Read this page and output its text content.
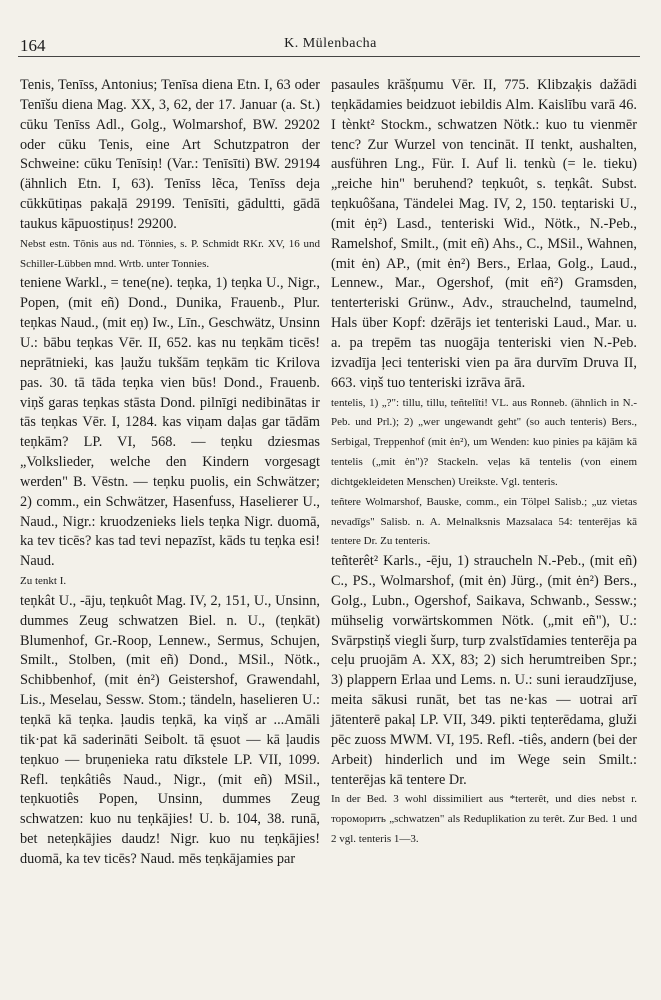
164	K. Mülenbacha

Tenis, Tenīss, Antonius; Tenīsa diena Etn. I, 63 oder Tenīšu diena Mag. XX, 3, 62, der 17. Januar (a. St.) cūku Tenīss Adl., Golg., Wolmarshof, BW. 29202 oder cūku Tenis, eine Art Schutzpatron der Schweine: cūku Tenīsiņ! (Var.: Tenīsīti) BW. 29194 (ähnlich Etn. I, 63). Tenīss lẽca, Tenīss deja cūkkūtiņas pakaļā 29199. Tenīsīti, gādultti, gādā taukus kāpuostiņus! 29200.

Nebst estn. Tõnis aus nd. Tönnies, s. P. Schmidt RKr. XV, 16 und Schiller-Lübben mnd. Wrtb. unter Tonnies.

teniene Warkl., = tene(ne). teņka, 1) teņka U., Nigr., Popen, (mit eñ) Dond., Dunika, Frauenb., Plur. teņkas Naud., (mit eņ) Iw., Līn., Geschwätz, Unsinn U.: bābu teņkas Vēr. II, 652. kas nu teņkām ticēs! neprātnieki, kas ļaužu tukšām teņkām tic Krilova pas. 30. tā tāda teņka vien būs! Dond., Frauenb. viņš garas teņkas stāsta Dond. pilnīgi nedibinātas ir tās teņkas Vēr. I, 1284. kas viņam daļas gar tādām teņkām? LP. VI, 568. — teņku dziesmas „Volkslieder, welche den Kindern vorgesagt werden" B. Vēstn. — teņku puolis, ein Schwätzer; 2) comm., ein Schwätzer, Hasenfuss, Haselierer U., Naud., Nigr.: kruodzenieks liels teņka Nigr. duomā, ka tev ticēs? kas tad tevi nepazīst, kāds tu teņka esi! Naud.

Zu tenkt I.

teņkât U., -āju, teņkuôt Mag. IV, 2, 151, U., Unsinn, dummes Zeug schwatzen Biel. n. U., (teņkāt) Blumenhof, Gr.-Roop, Lennew., Sermus, Schujen, Smilt., Stolben, (mit eñ) Dond., MSil., Nötk., Schibbenhof, (mit ėn²) Geistershof, Grawendahl, Lis., Meselau, Sessw. Stom.; tändeln, haselieren U.: teņkā kā teņka. ļaudis teņkā, ka viņš ar ...Amāli tik·pat kā saderināti Seibolt. tā ęsuot — kā ļaudis teņkuo — bruņenieka ratu dīkstele LP. VII, 1099. Refl. teņkâtiês Naud., Nigr., (mit eñ) MSil., teņkuotiês Popen, Unsinn, dummes Zeug schwatzen: kuo nu teņkājies! U. b. 104, 38. runā, bet neteņkājies daudz! Nigr. kuo nu teņkājies! duomā, ka tev ticēs? Naud. mēs teņkājamies par

pasaules krāšņumu Vēr. II, 775. Klibzaķis dažādi teņkādamies beidzuot iebildis Alm. Kaislību varā 46. I tènkt² Stockm., schwatzen Nötk.: kuo tu vienmēr tenc? Zur Wurzel von tencināt. II tenkt, aushalten, ausführen Lng., Für. I. Auf li. tenkù (= le. tieku) „reiche hin" beruhend? teņkuôt, s. teņkât. Subst. teņkuôšana, Tändelei Mag. IV, 2, 150. teņtariski U., (mit ėņ²) Lasd., tenteriski Wid., Nötk., N.-Peb., Ramelshof, Smilt., (mit eñ) Ahs., C., MSil., Wahnen, (mit ėn) AP., (mit ėn²) Bers., Erlaa, Golg., Laud., Lennew., Mar., Ogershof, (mit eñ²) Gramsden, tenterteriski Grünw., Adv., strauchelnd, taumelnd, Hals über Kopf: dzērājs iet tenteriski Laud., Mar. u. a. pa trepēm tas nuogāja tenteriski vien N.-Peb. izvadīja ļeci tenteriski vien pa āra durvīm Druva II, 663. viņš tuo tenteriski izrāva ārā.

tentelis, 1) „?": tillu, tillu, teñtelīti! VL. aus Ronneb. (ähnlich in N.-Peb. und Prl.); 2) „wer ungewandt geht" (so auch tenteris) Bers., Serbigal, Treppenhof (mit ėn²), um Wenden: kuo pinies pa kājām kā tentelis („mit ėn")? Stackeln. veļas kā tentelis (von einem dichtgekleideten Menschen) Ureikste. Vgl. tenteris.

teñtere Wolmarshof, Bauske, comm., ein Tölpel Salisb.; „uz vietas nevadīgs" Salisb. n. A. Melnalksnis Mazsalaca 54: tenterējas kā tentere Dr. Zu tenteris.

teñterêt² Karls., -ēju, 1) straucheln N.-Peb., (mit eñ) C., PS., Wolmarshof, (mit ėn) Jürg., (mit ėn²) Bers., Golg., Lubn., Ogershof, Saikava, Schwanb., Sessw.; mühselig vorwärtskommen Nötk. („mit eñ"), U.: Svārpstiņš viegli šurp, turp zvalstīdamies tenterēja pa ceļu pruojām A. XX, 83; 2) sich herumtreiben Spr.; 3) plappern Erlaa und Lems. n. U.: suni ieraudzījuse, meita sākusi runāt, bet tas ne·kas — uotrai arī jātenterē pakaļ LP. VII, 349. pikti teņterēdama, gluži pēc zuoss MWM. VI, 195. Refl. -tiês, andern (bei der Arbeit) hinderlich und im Wege sein Smilt.: tenterējas kā tentere Dr.

In der Bed. 3 wohl dissimiliert aus *terterêt, und dies nebst r. торoмoрить „schwatzen" als Reduplikation zu terêt. Zur Bed. 1 und 2 vgl. tenteris 1—3.
